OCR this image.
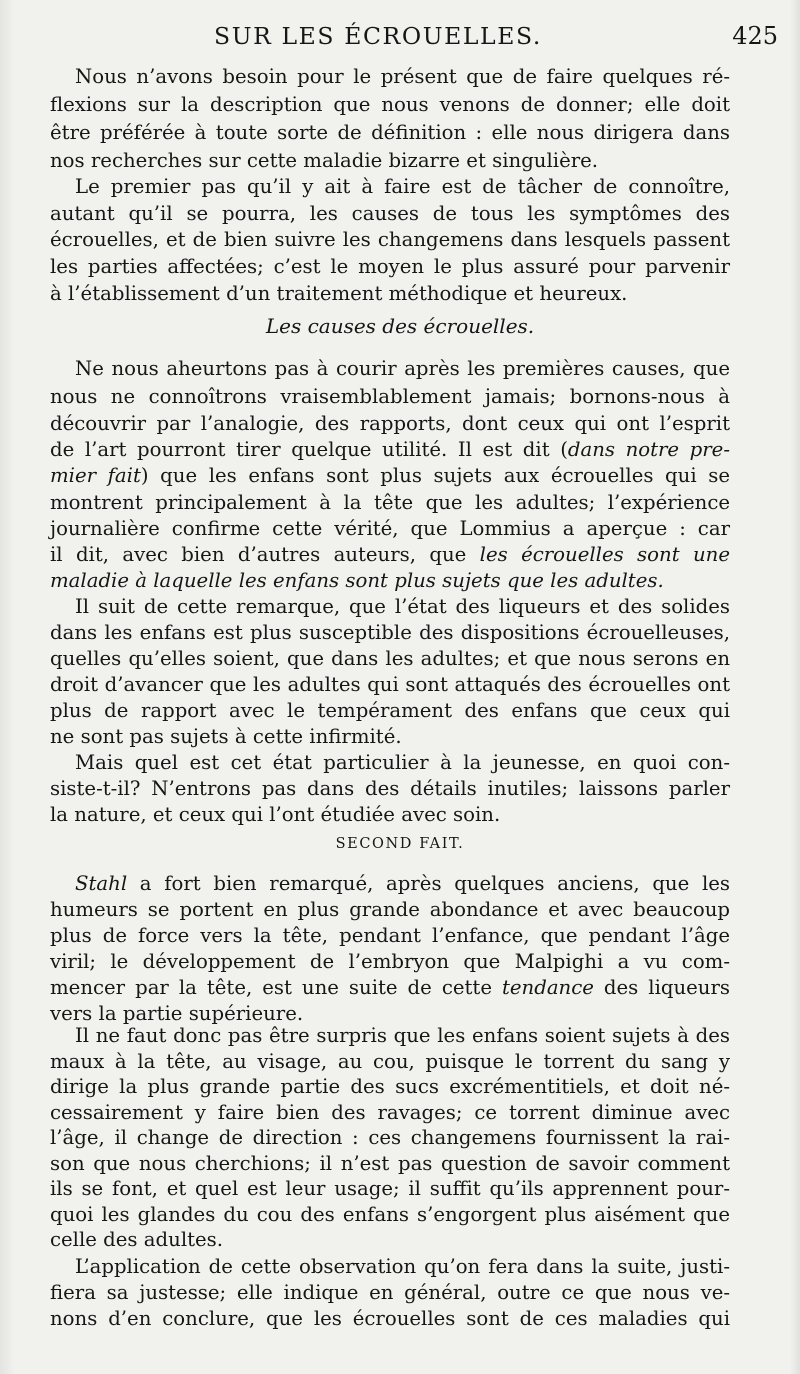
SUR LES ÉCROUELLES.	425
Nous n’avons besoin pour le présent que de faire quelques ré-
flexions sur la description que nous venons de donner; elle doit
être préférée à toute sorte de définition : elle nous dirigera dans
nos recherches sur cette maladie bizarre et singulière.
Le premier pas qu’il y ait à faire est de tâcher de connoître,
autant qu’il se pourra, les causes de tous les symptômes des
écrouelles, et de bien suivre les changemens dans lesquels passent
les parties affectées; c’est le moyen le plus assuré pour parvenir
à l’établissement d’un traitement méthodique et heureux.
Les causes des écrouelles.
Ne nous aheurtons pas à courir après les premières causes, que
nous ne connoîtrons vraisemblablement jamais; bornons-nous à
découvrir par l’analogie, des rapports, dont ceux qui ont l’esprit
de l’art pourront tirer quelque utilité. Il est dit (dans notre pre-
mier fait) que les enfans sont plus sujets aux écrouelles qui se
montrent principalement à la tête que les adultes; l’expérience
journalière confirme cette vérité, que Lommius a aperçue : car
il dit, avec bien d’autres auteurs, que les écrouelles sont une
maladie à laquelle les enfans sont plus sujets que les adultes.
Il suit de cette remarque, que l’état des liqueurs et des solides
dans les enfans est plus susceptible des dispositions écrouelleuses,
quelles qu’elles soient, que dans les adultes; et que nous serons en
droit d’avancer que les adultes qui sont attaqués des écrouelles ont
plus de rapport avec le tempérament des enfans que ceux qui
ne sont pas sujets à cette infirmité.
Mais quel est cet état particulier à la jeunesse, en quoi con-
siste-t-il? N’entrons pas dans des détails inutiles; laissons parler
la nature, et ceux qui l’ont étudiée avec soin.
SECOND FAIT.
Stahl a fort bien remarqué, après quelques anciens, que les
humeurs se portent en plus grande abondance et avec beaucoup
plus de force vers la tête, pendant l’enfance, que pendant l’âge
viril; le développement de l’embryon que Malpighi a vu com-
mencer par la tête, est une suite de cette tendance des liqueurs
vers la partie supérieure.
Il ne faut donc pas être surpris que les enfans soient sujets à des
maux à la tête, au visage, au cou, puisque le torrent du sang y
dirige la plus grande partie des sucs excrémentitiels, et doit né-
cessairement y faire bien des ravages; ce torrent diminue avec
l’âge, il change de direction : ces changemens fournissent la rai-
son que nous cherchions; il n’est pas question de savoir comment
ils se font, et quel est leur usage; il suffit qu’ils apprennent pour-
quoi les glandes du cou des enfans s’engorgent plus aisément que
celle des adultes.
L’application de cette observation qu’on fera dans la suite, justi-
fiera sa justesse; elle indique en général, outre ce que nous ve-
nons d’en conclure, que les écrouelles sont de ces maladies qui
